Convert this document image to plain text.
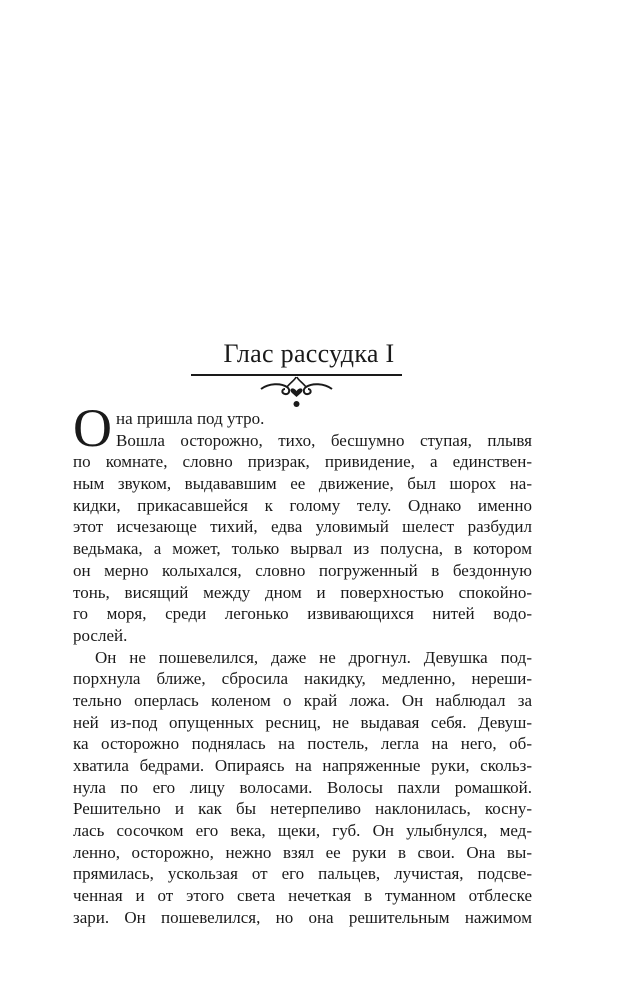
Глас рассудка I
О на пришла под утро.
Вошла осторожно, тихо, бесшумно ступая, плывя
по комнате, словно призрак, привидение, а единствен-
ным звуком, выдававшим ее движение, был шорох на-
кидки, прикасавшейся к голому телу. Однако именно
этот исчезающе тихий, едва уловимый шелест разбудил
ведьмака, а может, только вырвал из полусна, в котором
он мерно колыхался, словно погруженный в бездонную
тонь, висящий между дном и поверхностью спокойно-
го моря, среди легонько извивающихся нитей водо-
рослей.
Он не пошевелился, даже не дрогнул. Девушка под-
порхнула ближе, сбросила накидку, медленно, нереши-
тельно оперлась коленом о край ложа. Он наблюдал за
ней из-под опущенных ресниц, не выдавая себя. Девуш-
ка осторожно поднялась на постель, легла на него, об-
хватила бедрами. Опираясь на напряженные руки, скольз-
нула по его лицу волосами. Волосы пахли ромашкой.
Решительно и как бы нетерпеливо наклонилась, косну-
лась сосочком его века, щеки, губ. Он улыбнулся, мед-
ленно, осторожно, нежно взял ее руки в свои. Она вы-
прямилась, ускользая от его пальцев, лучистая, подсве-
ченная и от этого света нечеткая в туманном отблеске
зари. Он пошевелился, но она решительным нажимом
